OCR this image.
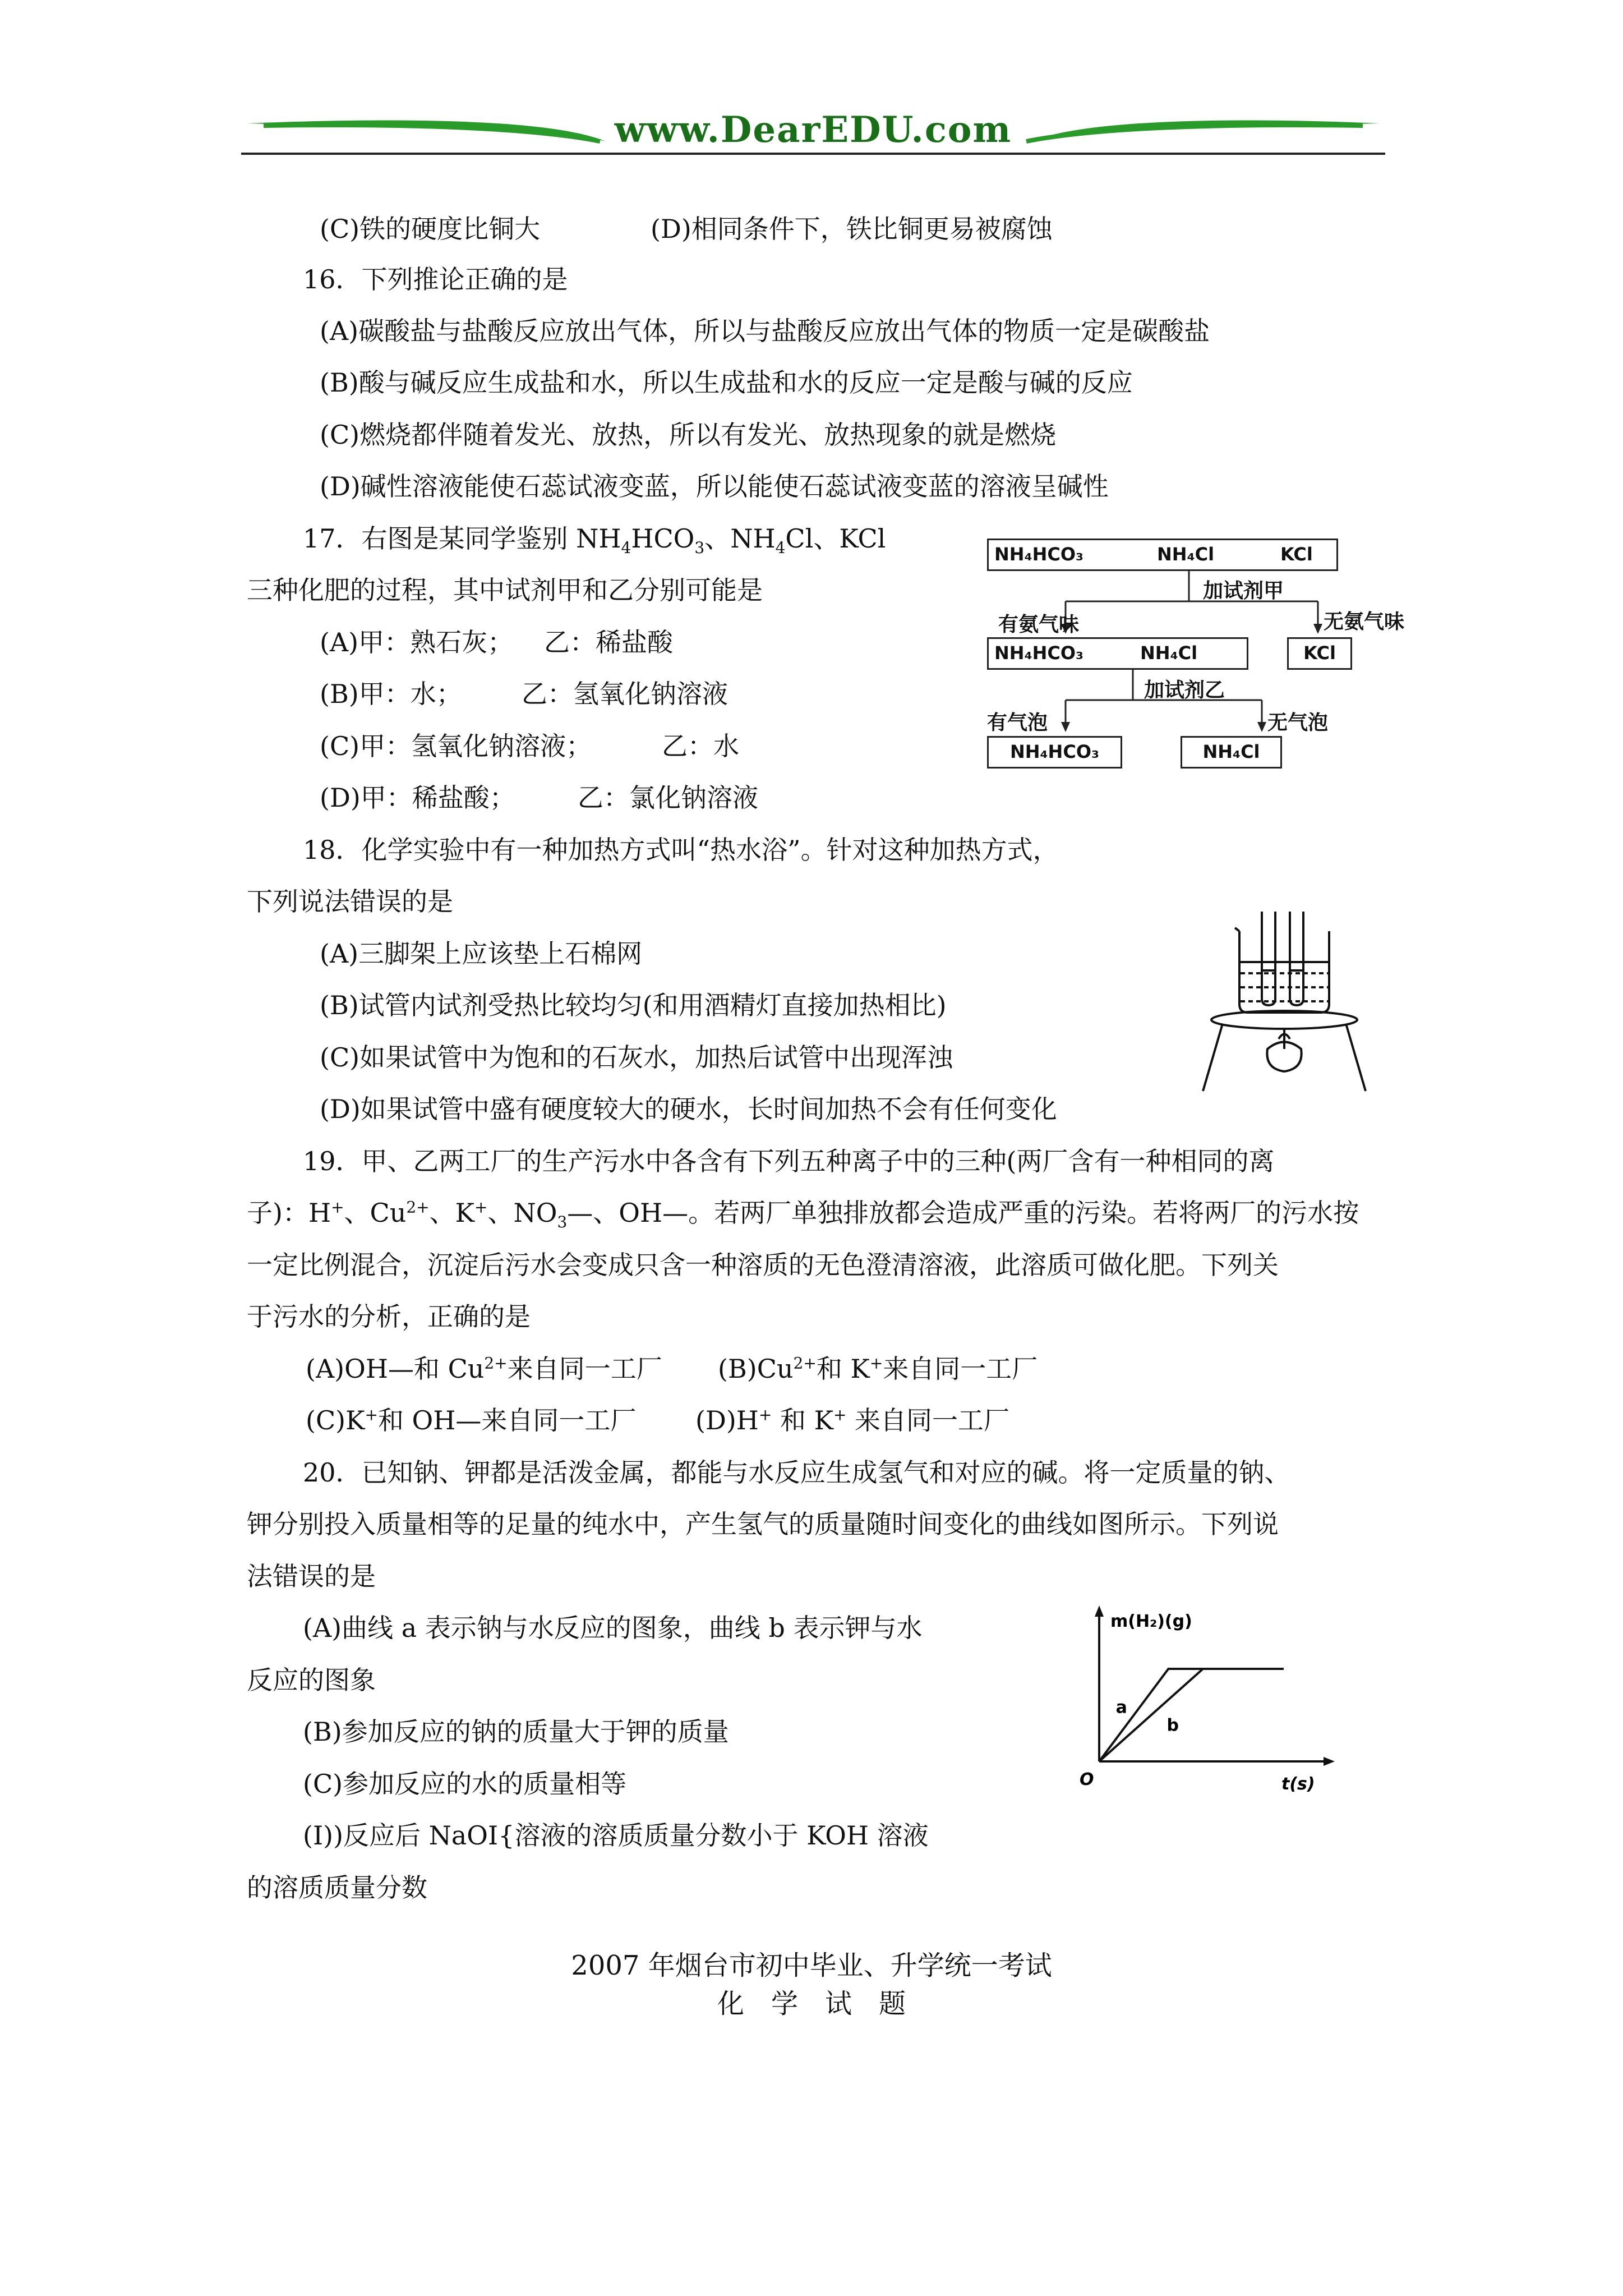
www.DearEDU.com
(C)铁的硬度比铜大	(D)相同条件下，铁比铜更易被腐蚀
16．下列推论正确的是
(A)碳酸盐与盐酸反应放出气体，所以与盐酸反应放出气体的物质一定是碳酸盐
(B)酸与碱反应生成盐和水，所以生成盐和水的反应一定是酸与碱的反应
(C)燃烧都伴随着发光、放热，所以有发光、放热现象的就是燃烧
(D)碱性溶液能使石蕊试液变蓝，所以能使石蕊试液变蓝的溶液呈碱性
17．右图是某同学鉴别 $NH_4HCO_3$、$NH_4Cl$、KCl
三种化肥的过程，其中试剂甲和乙分别可能是
(A)甲：熟石灰； 乙：稀盐酸
(B)甲：水； 乙：氢氧化钠溶液
(C)甲：氢氧化钠溶液；	乙：水
(D)甲：稀盐酸； 乙：氯化钠溶液
NH₄HCO₃	NH₄Cl	KCl
加试剂甲
有氨气味	无氨气味
NH₄HCO₃	NH₄Cl	KCl
加试剂乙
有气泡	无气泡
NH₄HCO₃	NH₄Cl
18．化学实验中有一种加热方式叫“热水浴”。针对这种加热方式，
下列说法错误的是
(A)三脚架上应该垫上石棉网
(B)试管内试剂受热比较均匀(和用酒精灯直接加热相比)
(C)如果试管中为饱和的石灰水，加热后试管中出现浑浊
(D)如果试管中盛有硬度较大的硬水，长时间加热不会有任何变化
19．甲、乙两工厂的生产污水中各含有下列五种离子中的三种(两厂含有一种相同的离
子)：H+、$Cu^{2+}$、K+、$NO_3—$、OH—。若两厂单独排放都会造成严重的污染。若将两厂的污水按
一定比例混合，沉淀后污水会变成只含一种溶质的无色澄清溶液，此溶质可做化肥。下列关
于污水的分析，正确的是
(A)OH—和 $Cu^{2+}$来自同一工厂 $(B)Cu^{2+}$和 K+来自同一工厂
(C)K+和 OH—来自同一工厂 (D)H+ 和 K+ 来自同一工厂
20．已知钠、钾都是活泼金属，都能与水反应生成氢气和对应的碱。将一定质量的钠、
钾分别投入质量相等的足量的纯水中，产生氢气的质量随时间变化的曲线如图所示。下列说
法错误的是
(A)曲线 a 表示钠与水反应的图象，曲线 b 表示钾与水
反应的图象
(B)参加反应的钠的质量大于钾的质量
(C)参加反应的水的质量相等
(I))反应后 NaOI{溶液的溶质质量分数小于 KOH 溶液
的溶质质量分数
m(H₂)(g)
t(s)
O
a
b
2007 年烟台市初中毕业、升学统一考试
化　学　试　题
